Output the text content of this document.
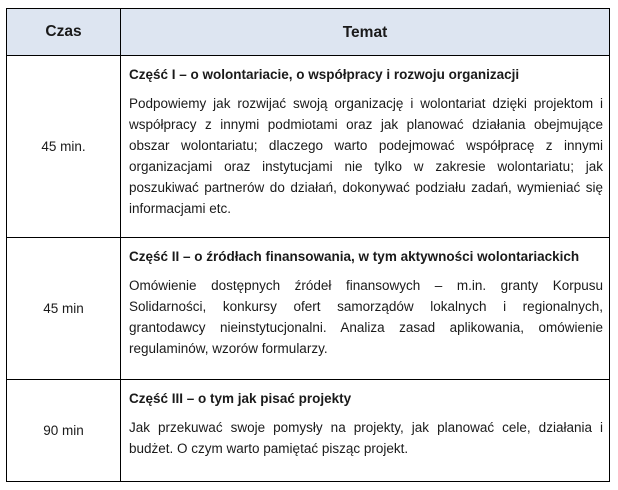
Czas	Temat
45 min.

Część I – o wolontariacie, o współpracy i rozwoju organizacji

Podpowiemy jak rozwijać swoją organizację i wolontariat dzięki projektom i współpracy z innymi podmiotami oraz jak planować działania obejmujące obszar wolontariatu; dlaczego warto podejmować współpracę z innymi organizacjami oraz instytucjami nie tylko w zakresie wolontariatu; jak poszukiwać partnerów do działań, dokonywać podziału zadań, wymieniać się informacjami etc.

45 min

Część II – o źródłach finansowania, w tym aktywności wolontariackich

Omówienie dostępnych źródeł finansowych – m.in. granty Korpusu Solidarności, konkursy ofert samorządów lokalnych i regionalnych, grantodawcy nieinstytucjonalni. Analiza zasad aplikowania, omówienie regulaminów, wzorów formularzy.

90 min

Część III – o tym jak pisać projekty

Jak przekuwać swoje pomysły na projekty, jak planować cele, działania i budżet. O czym warto pamiętać pisząc projekt.
